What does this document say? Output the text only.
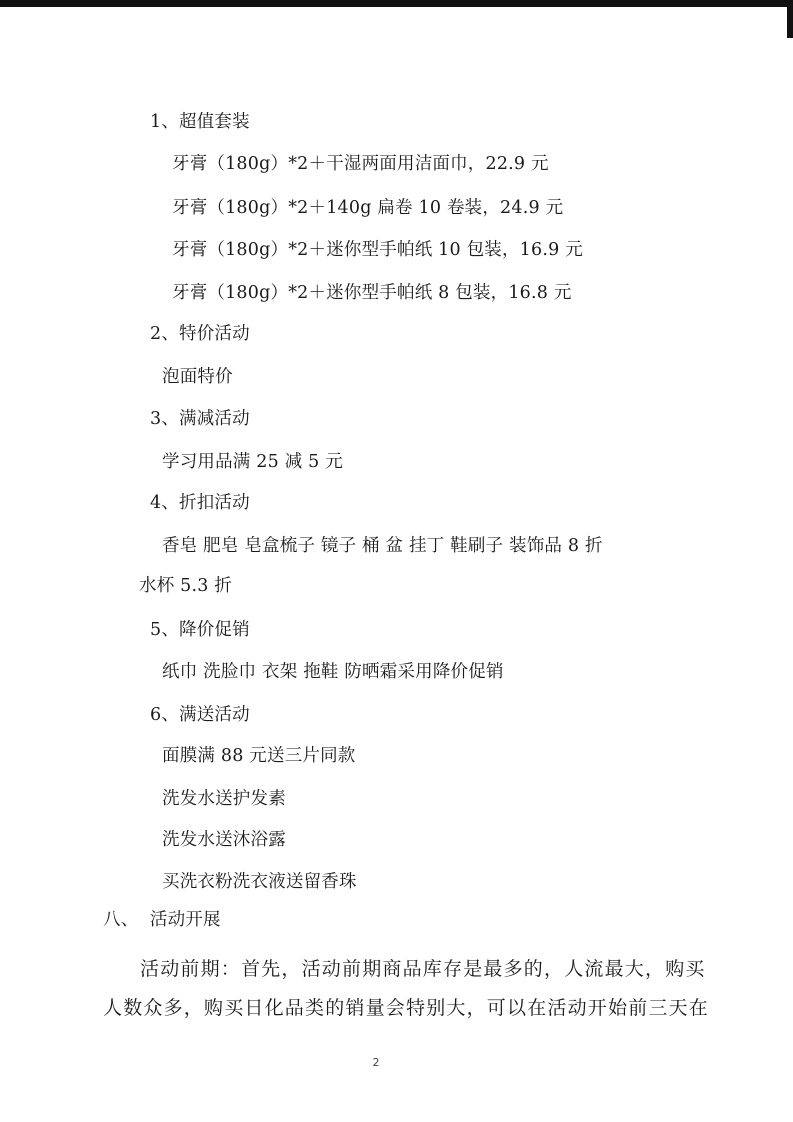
1、超值套装
牙膏（180g）*2＋干湿两面用洁面巾，22.9 元
牙膏（180g）*2＋140g 扁卷 10 卷装，24.9 元
牙膏（180g）*2＋迷你型手帕纸 10 包装，16.9 元
牙膏（180g）*2＋迷你型手帕纸 8 包装，16.8 元
2、特价活动
泡面特价
3、满减活动
学习用品满 25 减 5 元
4、折扣活动
香皂 肥皂 皂盒梳子 镜子 桶 盆 挂丁 鞋刷子 装饰品 8 折
水杯 5.3 折
5、降价促销
纸巾 洗脸巾 衣架 拖鞋 防晒霜采用降价促销
6、满送活动
面膜满 88 元送三片同款
洗发水送护发素
洗发水送沐浴露
买洗衣粉洗衣液送留香珠
八、  活动开展
活动前期：首先，活动前期商品库存是最多的，人流最大，购买
人数众多，购买日化品类的销量会特别大，可以在活动开始前三天在
2
